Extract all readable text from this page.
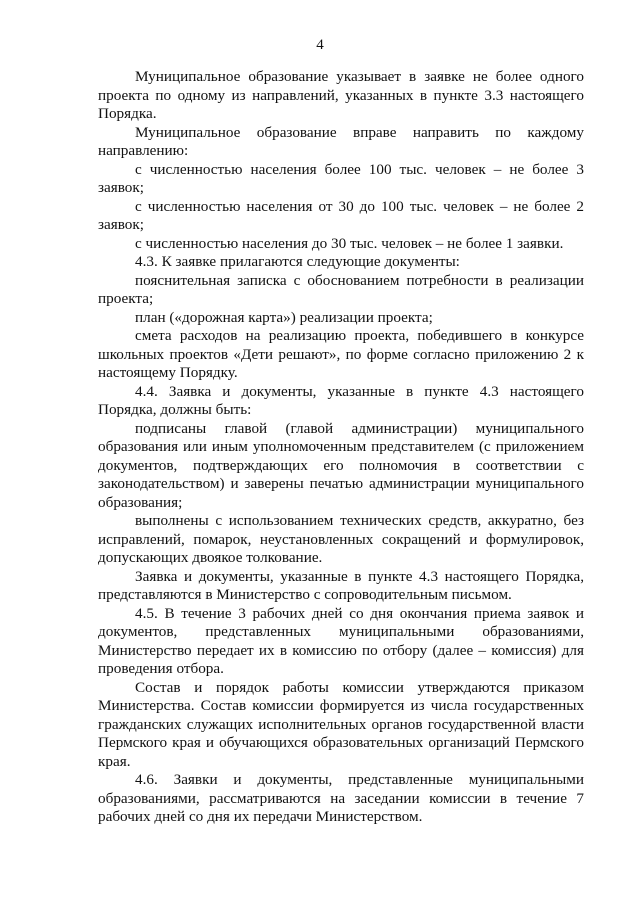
4

Муниципальное образование указывает в заявке не более одного проекта по одному из направлений, указанных в пункте 3.3 настоящего Порядка.

Муниципальное образование вправе направить по каждому направлению:

с численностью населения более 100 тыс. человек – не более 3 заявок;

с численностью населения от 30 до 100 тыс. человек – не более 2 заявок;

с численностью населения до 30 тыс. человек – не более 1 заявки.

4.3. К заявке прилагаются следующие документы:

пояснительная записка с обоснованием потребности в реализации проекта;

план («дорожная карта») реализации проекта;

смета расходов на реализацию проекта, победившего в конкурсе школьных проектов «Дети решают», по форме согласно приложению 2 к настоящему Порядку.

4.4. Заявка и документы, указанные в пункте 4.3 настоящего Порядка, должны быть:

подписаны главой (главой администрации) муниципального образования или иным уполномоченным представителем (с приложением документов, подтверждающих его полномочия в соответствии с законодательством) и заверены печатью администрации муниципального образования;

выполнены с использованием технических средств, аккуратно, без исправлений, помарок, неустановленных сокращений и формулировок, допускающих двоякое толкование.

Заявка и документы, указанные в пункте 4.3 настоящего Порядка, представляются в Министерство с сопроводительным письмом.

4.5. В течение 3 рабочих дней со дня окончания приема заявок и документов, представленных муниципальными образованиями, Министерство передает их в комиссию по отбору (далее – комиссия) для проведения отбора.

Состав и порядок работы комиссии утверждаются приказом Министерства. Состав комиссии формируется из числа государственных гражданских служащих исполнительных органов государственной власти Пермского края и обучающихся образовательных организаций Пермского края.

4.6. Заявки и документы, представленные муниципальными образованиями, рассматриваются на заседании комиссии в течение 7 рабочих дней со дня их передачи Министерством.
